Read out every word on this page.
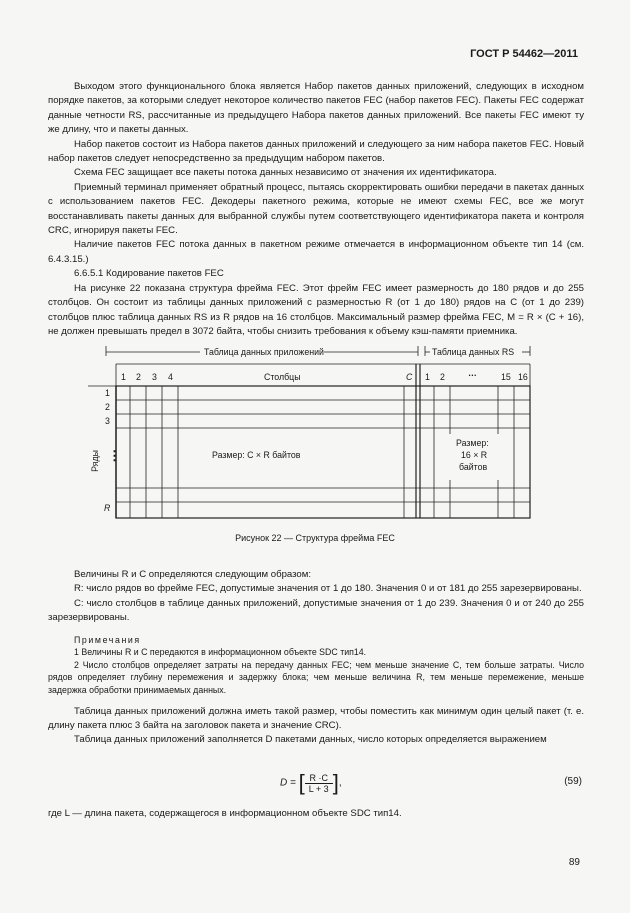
ГОСТ Р 54462—2011

Выходом этого функционального блока является Набор пакетов данных приложений, следующих в исходном порядке пакетов, за которыми следует некоторое количество пакетов FEC (набор пакетов FEC). Пакеты FEC содержат данные четности RS, рассчитанные из предыдущего Набора пакетов данных приложений. Все пакеты FEC имеют ту же длину, что и пакеты данных.

Набор пакетов состоит из Набора пакетов данных приложений и следующего за ним набора пакетов FEC. Новый набор пакетов следует непосредственно за предыдущим набором пакетов.

Схема FEC защищает все пакеты потока данных независимо от значения их идентификатора.

Приемный терминал применяет обратный процесс, пытаясь скорректировать ошибки передачи в пакетах данных с использованием пакетов FEC. Декодеры пакетного режима, которые не имеют схемы FEC, все же могут восстанавливать пакеты данных для выбранной службы путем соответствующего идентификатора пакета и контроля CRC, игнорируя пакеты FEC.

Наличие пакетов FEC потока данных в пакетном режиме отмечается в информационном объекте тип 14 (см. 6.4.3.15.)

6.6.5.1 Кодирование пакетов FEC

На рисунке 22 показана структура фрейма FEC. Этот фрейм FEC имеет размерность до 180 рядов и до 255 столбцов. Он состоит из таблицы данных приложений с размерностью R (от 1 до 180) рядов на C (от 1 до 239) столбцов плюс таблица данных RS из R рядов на 16 столбцов. Максимальный размер фрейма FEC, M = R × (C + 16), не должен превышать предел в 3072 байта, чтобы снизить требования к объему кэш-памяти приемника.

Таблица данных приложений	Таблица данных RS
1 2 3 4	Столбцы	C 1 2	…	15 16
1
2
3
R
Ряды ⋮	Размер: C × R байтов
Размер:
16 × R
байтов
Рисунок 22 — Структура фрейма FEC

Величины R и C определяются следующим образом:

R: число рядов во фрейме FEC, допустимые значения от 1 до 180. Значения 0 и от 181 до 255 зарезервированы.

C: число столбцов в таблице данных приложений, допустимые значения от 1 до 239. Значения 0 и от 240 до 255 зарезервированы.

Примечания

1 Величины R и C передаются в информационном объекте SDC тип14.

2 Число столбцов определяет затраты на передачу данных FEC; чем меньше значение C, тем больше затраты. Число рядов определяет глубину перемежения и задержку блока; чем меньше величина R, тем меньше перемежение, меньше задержка обработки принимаемых данных.

Таблица данных приложений должна иметь такой размер, чтобы поместить как минимум один целый пакет (т. е. длину пакета плюс 3 байта на заголовок пакета и значение CRC).

Таблица данных приложений заполняется D пакетами данных, число которых определяется выражением

D = [ $\frac{R \cdot C}{L + 3}$ ],	(59)
где L — длина пакета, содержащегося в информационном объекте SDC тип14.
89
